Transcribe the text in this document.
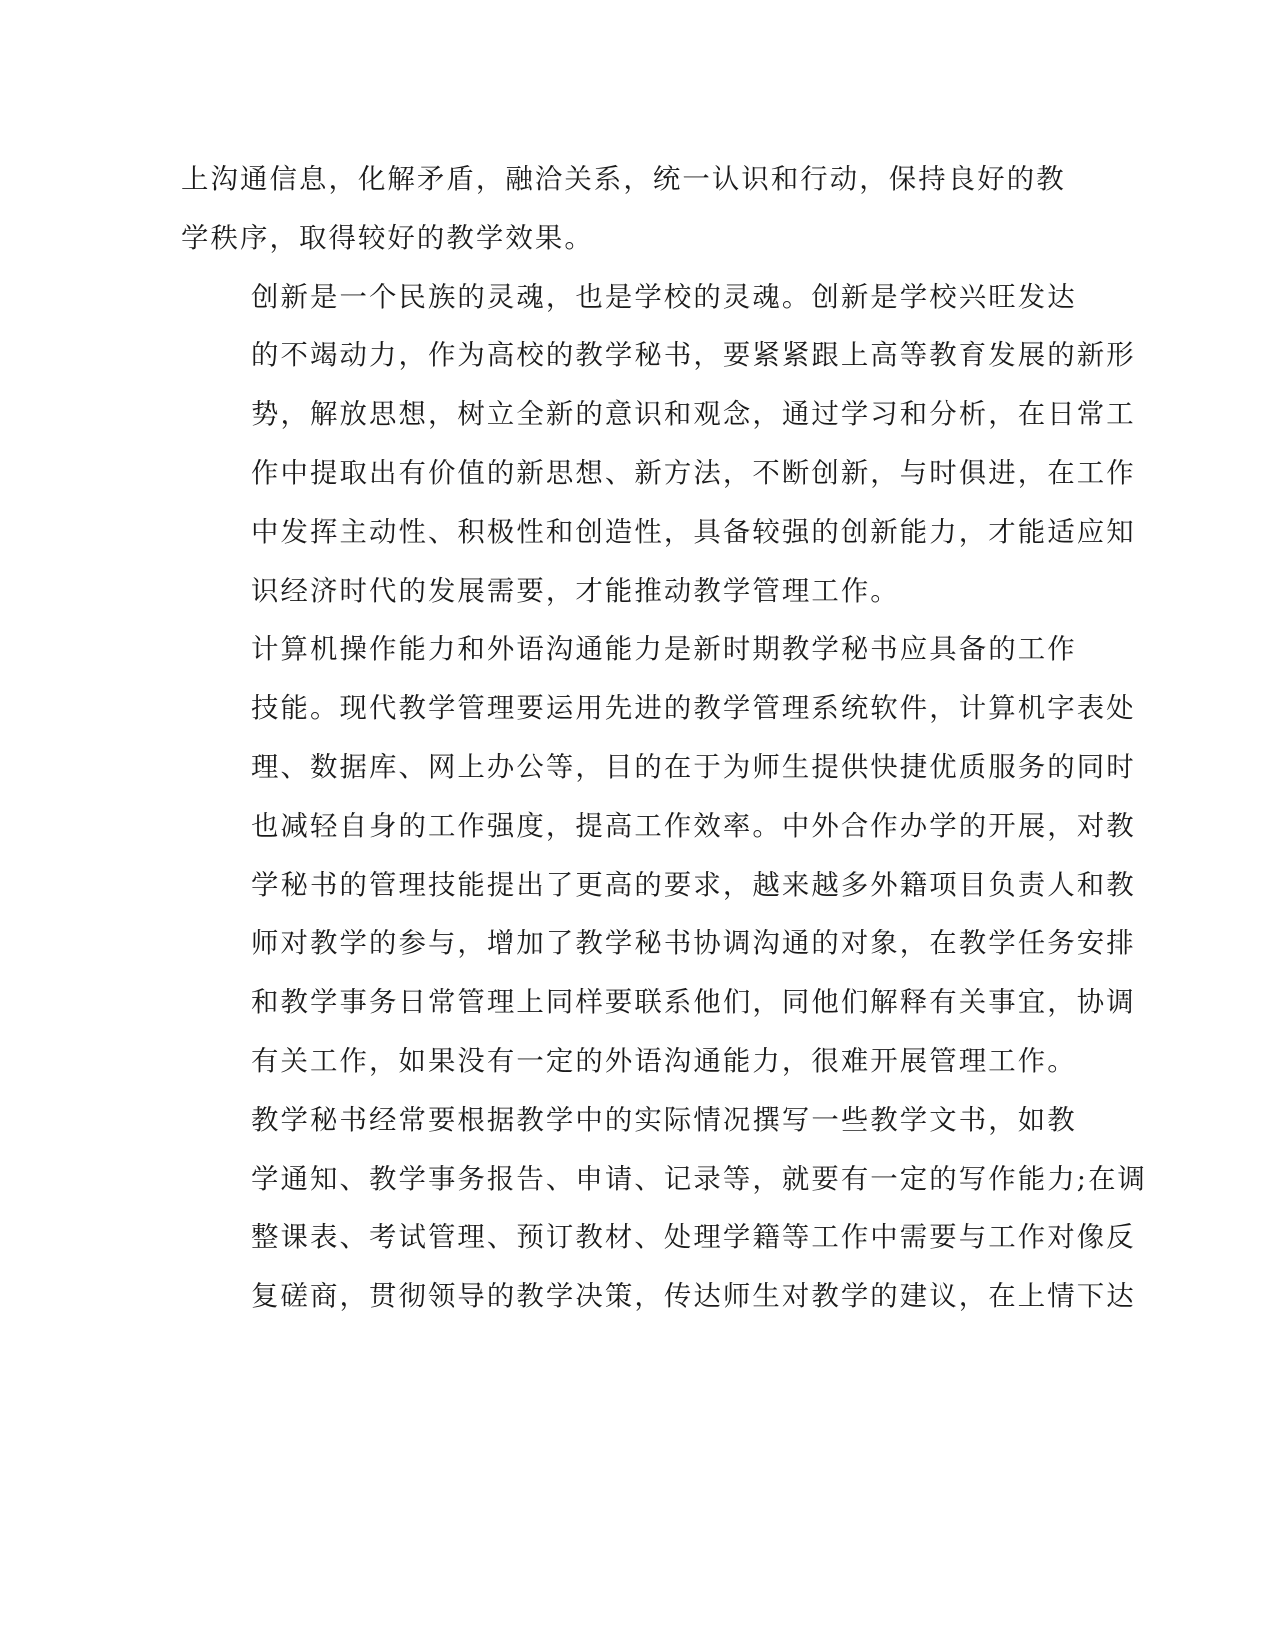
上沟通信息，化解矛盾，融洽关系，统一认识和行动，保持良好的教
学秩序，取得较好的教学效果。

创新是一个民族的灵魂，也是学校的灵魂。创新是学校兴旺发达
的不竭动力，作为高校的教学秘书，要紧紧跟上高等教育发展的新形
势，解放思想，树立全新的意识和观念，通过学习和分析，在日常工
作中提取出有价值的新思想、新方法，不断创新，与时俱进，在工作
中发挥主动性、积极性和创造性，具备较强的创新能力，才能适应知
识经济时代的发展需要，才能推动教学管理工作。

计算机操作能力和外语沟通能力是新时期教学秘书应具备的工作
技能。现代教学管理要运用先进的教学管理系统软件，计算机字表处
理、数据库、网上办公等，目的在于为师生提供快捷优质服务的同时
也减轻自身的工作强度，提高工作效率。中外合作办学的开展，对教
学秘书的管理技能提出了更高的要求，越来越多外籍项目负责人和教
师对教学的参与，增加了教学秘书协调沟通的对象，在教学任务安排
和教学事务日常管理上同样要联系他们，同他们解释有关事宜，协调
有关工作，如果没有一定的外语沟通能力，很难开展管理工作。

教学秘书经常要根据教学中的实际情况撰写一些教学文书，如教
学通知、教学事务报告、申请、记录等，就要有一定的写作能力;在调
整课表、考试管理、预订教材、处理学籍等工作中需要与工作对像反
复磋商，贯彻领导的教学决策，传达师生对教学的建议，在上情下达
